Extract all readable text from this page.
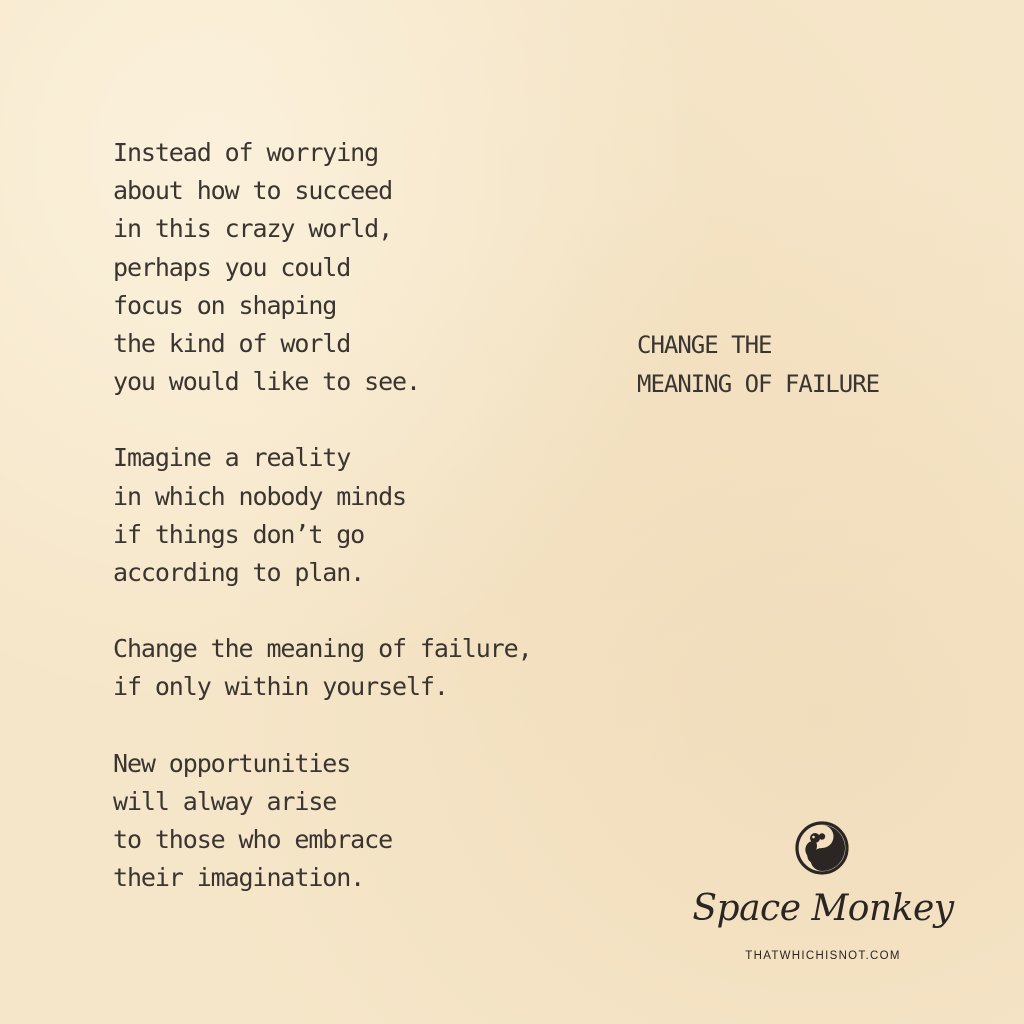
Instead of worrying
about how to succeed
in this crazy world,
perhaps you could
focus on shaping
the kind of world
you would like to see.
Imagine a reality
in which nobody minds
if things don’t go
according to plan.
Change the meaning of failure,
if only within yourself.
New opportunities
will alway arise
to those who embrace
their imagination.
CHANGE THE
MEANING OF FAILURE
Space Monkey
THATWHICHISNOT.COM
